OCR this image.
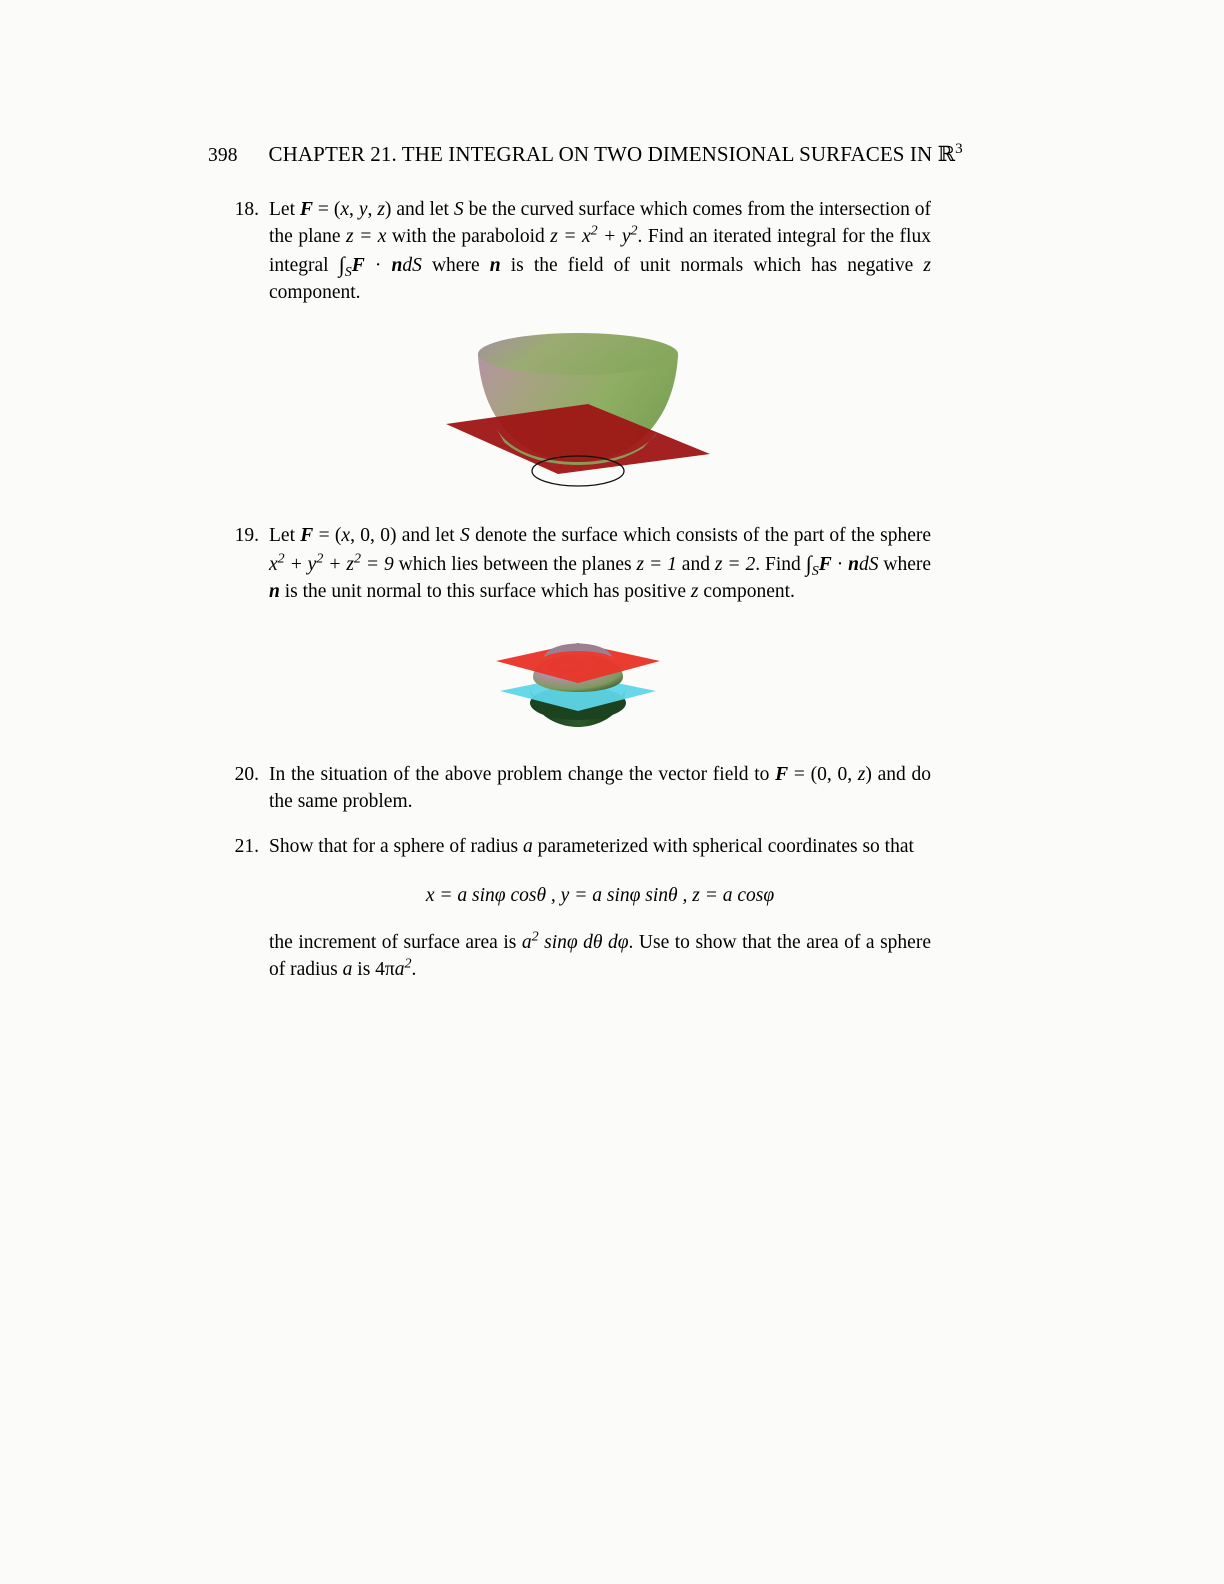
398 CHAPTER 21. THE INTEGRAL ON TWO DIMENSIONAL SURFACES IN ℝ$^3$
18. Let F = (x, y, z) and let S be the curved surface which comes from the intersection of the plane z = x with the paraboloid $z = x^2 + y^2$. Find an iterated integral for the flux integral $\int_SF$ · ndS where n is the field of unit normals which has negative z component.
19. Let F = (x, 0, 0) and let S denote the surface which consists of the part of the sphere $x^2 + y^2 + z^2 = 9$ which lies between the planes z = 1 and z = 2. Find $\int_SF$ · ndS where n is the unit normal to this surface which has positive z component.
20. In the situation of the above problem change the vector field to F = (0, 0, z) and do the same problem.
21. Show that for a sphere of radius a parameterized with spherical coordinates so that
x = a sinφ cosθ , y = a sinφ sinθ , z = a cosφ
the increment of surface area is $a^2$ sinφ dθ dφ. Use to show that the area of a sphere of radius a is $4\pi a^2$.
